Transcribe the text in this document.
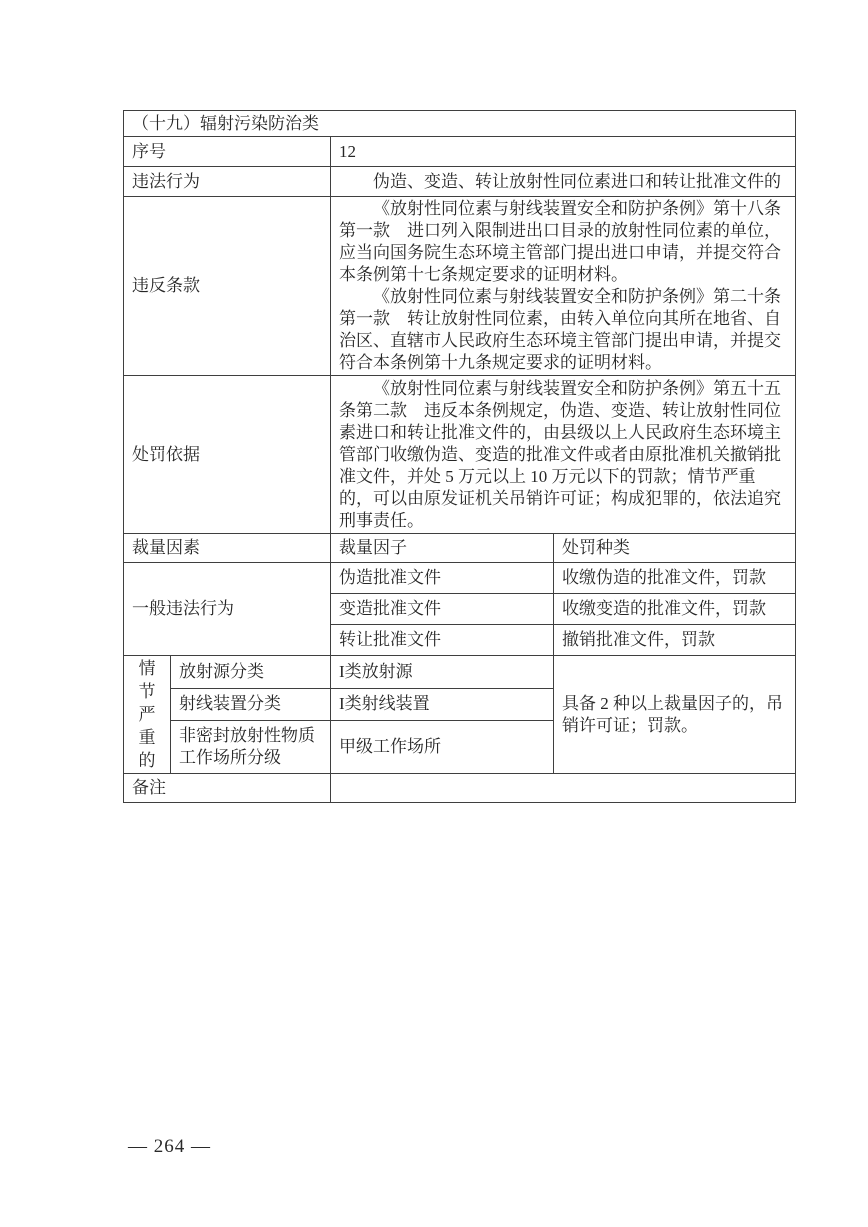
（十九）辐射污染防治类			
序号		12	
违法行为		伪造、变造、转让放射性同位素进口和转让批准文件的	
违反条款		《放射性同位素与射线装置安全和防护条例》第十八条第一款　进口列入限制进出口目录的放射性同位素的单位，应当向国务院生态环境主管部门提出进口申请，并提交符合本条例第十七条规定要求的证明材料。

《放射性同位素与射线装置安全和防护条例》第二十条第一款　转让放射性同位素，由转入单位向其所在地省、自治区、直辖市人民政府生态环境主管部门提出申请，并提交符合本条例第十九条规定要求的证明材料。	

处罚依据		《放射性同位素与射线装置安全和防护条例》第五十五条第二款　违反本条例规定，伪造、变造、转让放射性同位素进口和转让批准文件的，由县级以上人民政府生态环境主管部门收缴伪造、变造的批准文件或者由原批准机关撤销批准文件，并处 5 万元以上 10 万元以下的罚款；情节严重的，可以由原发证机关吊销许可证；构成犯罪的，依法追究刑事责任。	

裁量因素		裁量因子	处罚种类
一般违法行为		伪造批准文件	收缴伪造的批准文件，罚款
		变造批准文件	收缴变造的批准文件，罚款
		转让批准文件	撤销批准文件，罚款
情节严重的	放射源分类	I类放射源	具备 2 种以上裁量因子的，吊销许可证；罚款。
	射线装置分类	I类射线装置	
	非密封放射性物质工作场所分级	甲级工作场所	
备注			
— 264 —
